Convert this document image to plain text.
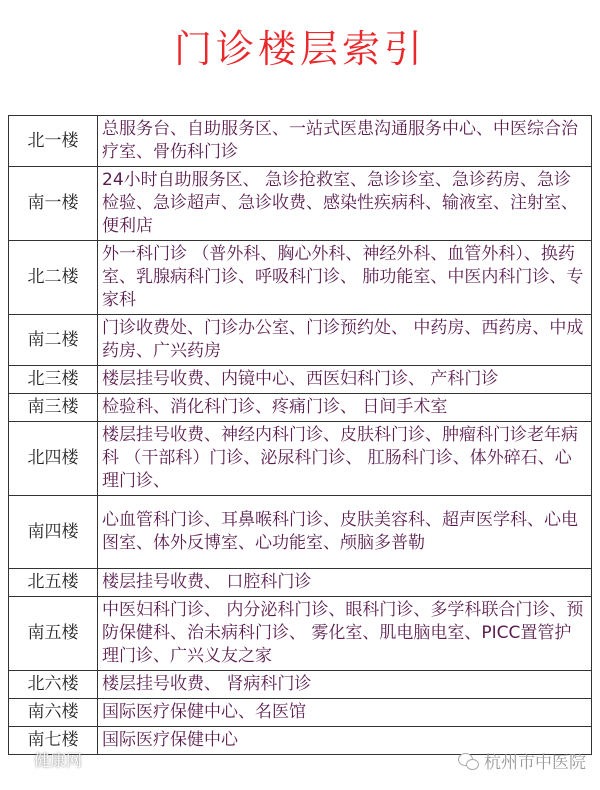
门诊楼层索引
北一楼	总服务台、自助服务区、一站式医患沟通服务中心、中医综合治疗室、骨伤科门诊
南一楼	24小时自助服务区、 急诊抢救室、急诊诊室、急诊药房、急诊检验、急诊超声、急诊收费、感染性疾病科、输液室、注射室、便利店
北二楼	外一科门诊 （普外科、胸心外科、神经外科、血管外科）、换药室、乳腺病科门诊、呼吸科门诊、 肺功能室、中医内科门诊、专家科
南二楼	门诊收费处、门诊办公室、门诊预约处、 中药房、西药房、中成药房、广兴药房
北三楼	楼层挂号收费、内镜中心、西医妇科门诊、 产科门诊
南三楼	检验科、消化科门诊、疼痛门诊、 日间手术室
北四楼	楼层挂号收费、神经内科门诊、皮肤科门诊、肿瘤科门诊老年病科 （干部科）门诊、泌尿科门诊、 肛肠科门诊、体外碎石、心理门诊、
南四楼	心血管科门诊、耳鼻喉科门诊、皮肤美容科、超声医学科、心电图室、体外反博室、心功能室、颅脑多普勒
北五楼	楼层挂号收费、 口腔科门诊
南五楼	中医妇科门诊、 内分泌科门诊、眼科门诊、多学科联合门诊、预防保健科、治未病科门诊、 雾化室、肌电脑电室、PICC置管护理门诊、广兴义友之家
北六楼	楼层挂号收费、 肾病科门诊
南六楼	国际医疗保健中心、名医馆
南七楼	国际医疗保健中心
健康网	杭州市中医院
